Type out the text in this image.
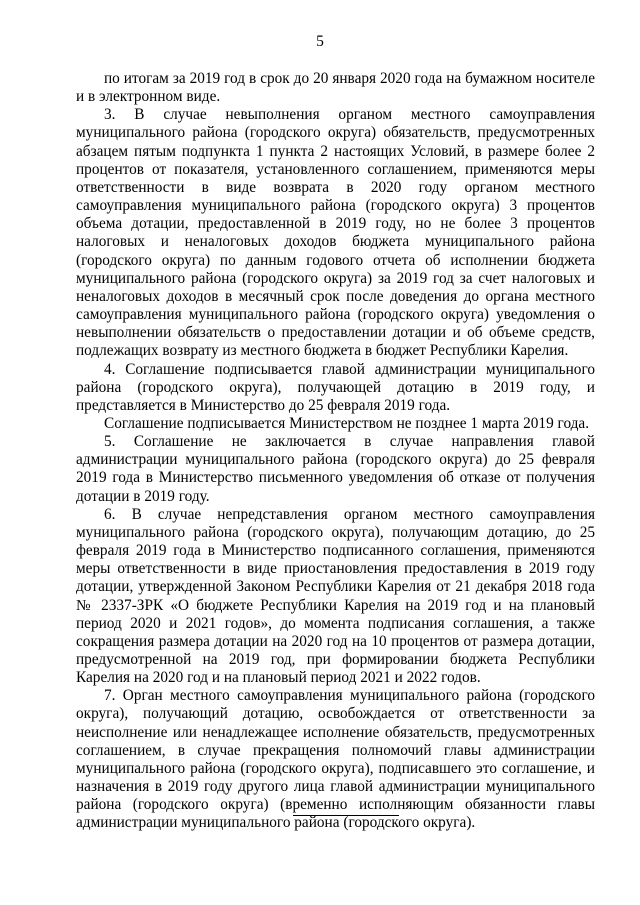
5

по итогам за 2019 год в срок до 20 января 2020 года на бумажном носителе и в электронном виде.

3. В случае невыполнения органом местного самоуправления муниципального района (городского округа) обязательств, предусмотренных абзацем пятым подпункта 1 пункта 2 настоящих Условий, в размере более 2 процентов от показателя, установленного соглашением, применяются меры ответственности в виде возврата в 2020 году органом местного самоуправления муниципального района (городского округа) 3 процентов объема дотации, предоставленной в 2019 году, но не более 3 процентов налоговых и неналоговых доходов бюджета муниципального района (городского округа) по данным годового отчета об исполнении бюджета муниципального района (городского округа) за 2019 год за счет налоговых и неналоговых доходов в месячный срок после доведения до органа местного самоуправления муниципального района (городского округа) уведомления о невыполнении обязательств о предоставлении дотации и об объеме средств, подлежащих возврату из местного бюджета в бюджет Республики Карелия.

4. Соглашение подписывается главой администрации муниципального района (городского округа), получающей дотацию в 2019 году, и представляется в Министерство до 25 февраля 2019 года.

Соглашение подписывается Министерством не позднее 1 марта 2019 года.

5. Соглашение не заключается в случае направления главой администрации муниципального района (городского округа) до 25 февраля 2019 года в Министерство письменного уведомления об отказе от получения дотации в 2019 году.

6. В случае непредставления органом местного самоуправления муниципального района (городского округа), получающим дотацию, до 25 февраля 2019 года в Министерство подписанного соглашения, применяются меры ответственности в виде приостановления предоставления в 2019 году дотации, утвержденной Законом Республики Карелия от 21 декабря 2018 года № 2337-ЗРК «О бюджете Республики Карелия на 2019 год и на плановый период 2020 и 2021 годов», до момента подписания соглашения, а также сокращения размера дотации на 2020 год на 10 процентов от размера дотации, предусмотренной на 2019 год, при формировании бюджета Республики Карелия на 2020 год и на плановый период 2021 и 2022 годов.

7. Орган местного самоуправления муниципального района (городского округа), получающий дотацию, освобождается от ответственности за неисполнение или ненадлежащее исполнение обязательств, предусмотренных соглашением, в случае прекращения полномочий главы администрации муниципального района (городского округа), подписавшего это соглашение, и назначения в 2019 году другого лица главой администрации муниципального района (городского округа) (временно исполняющим обязанности главы администрации муниципального района (городского округа).
